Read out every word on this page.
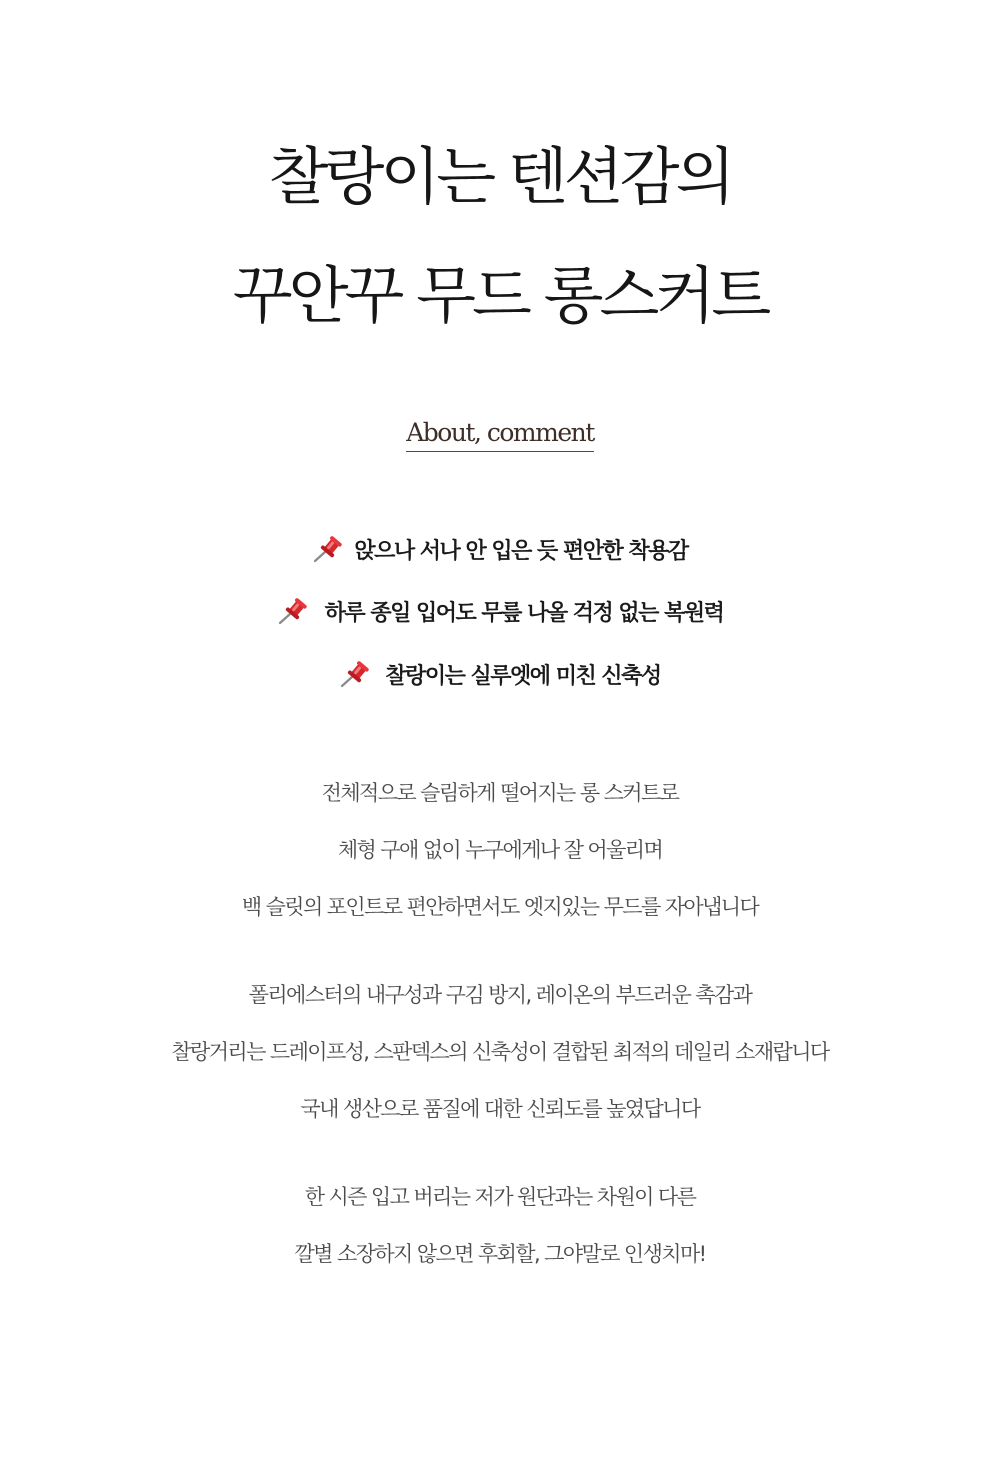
찰랑이는 텐션감의
꾸안꾸 무드 롱스커트
About, comment
앉으나 서나 안 입은 듯 편안한 착용감
하루 종일 입어도 무릎 나올 걱정 없는 복원력
찰랑이는 실루엣에 미친 신축성
전체적으로 슬림하게 떨어지는 롱 스커트로
체형 구애 없이 누구에게나 잘 어울리며
백 슬릿의 포인트로 편안하면서도 엣지있는 무드를 자아냅니다
폴리에스터의 내구성과 구김 방지, 레이온의 부드러운 촉감과
찰랑거리는 드레이프성, 스판덱스의 신축성이 결합된 최적의 데일리 소재랍니다
국내 생산으로 품질에 대한 신뢰도를 높였답니다
한 시즌 입고 버리는 저가 원단과는 차원이 다른
깔별 소장하지 않으면 후회할, 그야말로 인생치마!
